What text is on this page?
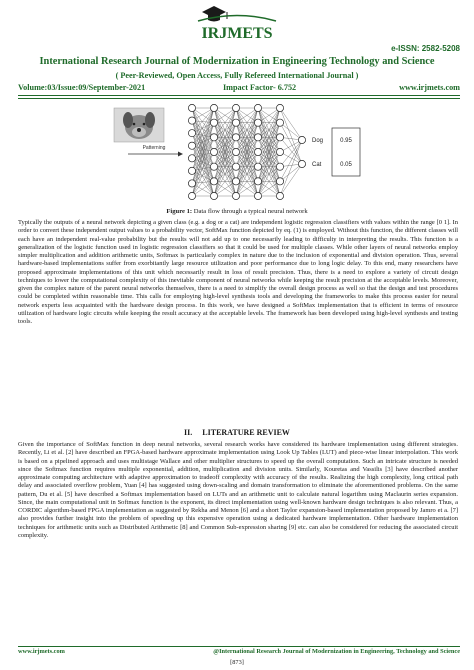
IRJMETS
e-ISSN: 2582-5208
International Research Journal of Modernization in Engineering Technology and Science
( Peer-Reviewed, Open Access, Fully Refereed International Journal )
Volume:03/Issue:09/September-2021	Impact Factor- 6.752	www.irjmets.com
Patterning
Dog	0.95
Cat	0.05
Figure 1: Data flow through a typical neural network

Typically the outputs of a neural network depicting a given class (e.g. a dog or a cat) are independent logistic regression classifiers with values within the range [0 1]. In order to convert these independent output values to a probability vector, SoftMax function depicted by eq. (1) is employed. Without this function, the different classes will each have an independent real-value probability but the results will not add up to one necessarily leading to difficulty in interpreting the results. This function is a generalization of the logistic function used in logistic regression classifiers so that it could be used for multiple classes. While other layers of neural networks employ simpler multiplication and addition arithmetic units, Softmax is particularly complex in nature due to the inclusion of exponential and division operation. Thus, several hardware-based implementations suffer from exorbitantly large resource utilization and poor performance due to long logic delay. To this end, many researchers have proposed approximate implementations of this unit which necessarily result in loss of result precision. Thus, there is a need to explore a variety of circuit design techniques to lower the computational complexity of this inevitable component of neural networks while keeping the result precision at the acceptable levels. Moreover, given the complex nature of the parent neural networks themselves, there is a need to simplify the overall design process as well so that the design and test procedures could be completed within reasonable time. This calls for employing high-level synthesis tools and developing the frameworks to make this process easier for neural network experts less acquainted with the hardware design process. In this work, we have designed a SoftMax implementation that is efficient in terms of resource utilization of hardware logic circuits while keeping the result accuracy at the acceptable levels. The framework has been developed using high-level synthesis and testing tools.

II. LITERATURE REVIEW

Given the importance of SoftMax function in deep neural networks, several research works have considered its hardware implementation using different strategies. Recently, Li et al. [2] have described an FPGA-based hardware approximate implementation using Look Up Tables (LUT) and piece-wise linear interpolation. This work is based on a pipelined approach and uses multistage Wallace and other multiplier structures to speed up the overall computation. Such an intricate structure is needed since the Softmax function requires multiple exponential, addition, multiplication and division units. Similarly, Kouretas and Vassilis [3] have described another approximate computing architecture with adaptive approximation to tradeoff complexity with accuracy of the results. Realizing the high complexity, long critical path delay and associated overflow problem, Yuan [4] has suggested using down-scaling and domain transformation to eliminate the aforementioned problems. On the same pattern, Du et al. [5] have described a Softmax implementation based on LUTs and an arithmetic unit to calculate natural logarithm using Maclaurin series expansion. Since, the main computational unit in Softmax function is the exponent, its direct implementation using well-known hardware design techniques is also relevant. Thus, a CORDIC algorithm-based FPGA implementation as suggested by Rekha and Menon [6] and a short Taylor expansion-based implementation proposed by Jamro et a. [7] also provides further insight into the problem of speeding up this expensive operation using a dedicated hardware implementation. Other hardware implementation techniques for arithmetic units such as Distributed Arithmetic [8] and Common Sub-expression sharing [9] etc. can also be considered for reducing the associated circuit complexity.

www.irjmets.com	@International Research Journal of Modernization in Engineering, Technology and Science
[873]
